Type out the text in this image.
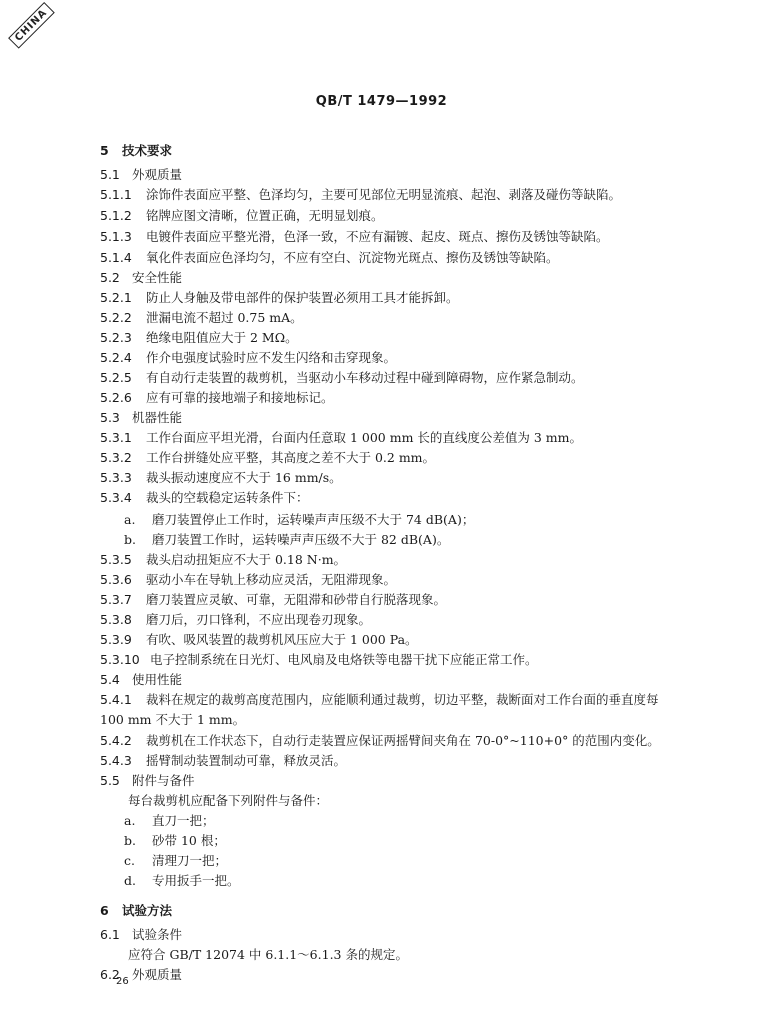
CHINA
QB/T 1479—1992
5 技术要求
5.1 外观质量
5.1.1 涂饰件表面应平整、色泽均匀，主要可见部位无明显流痕、起泡、剥落及碰伤等缺陷。
5.1.2 铭牌应图文清晰，位置正确，无明显划痕。
5.1.3 电镀件表面应平整光滑，色泽一致，不应有漏镀、起皮、斑点、擦伤及锈蚀等缺陷。
5.1.4 氧化件表面应色泽均匀，不应有空白、沉淀物光斑点、擦伤及锈蚀等缺陷。
5.2 安全性能
5.2.1 防止人身触及带电部件的保护装置必须用工具才能拆卸。
5.2.2 泄漏电流不超过 0.75 mA。
5.2.3 绝缘电阻值应大于 2 MΩ。
5.2.4 作介电强度试验时应不发生闪络和击穿现象。
5.2.5 有自动行走装置的裁剪机，当驱动小车移动过程中碰到障碍物，应作紧急制动。
5.2.6 应有可靠的接地端子和接地标记。
5.3 机器性能
5.3.1 工作台面应平坦光滑，台面内任意取 1 000 mm 长的直线度公差值为 3 mm。
5.3.2 工作台拼缝处应平整，其高度之差不大于 0.2 mm。
5.3.3 裁头振动速度应不大于 16 mm/s。
5.3.4 裁头的空载稳定运转条件下：
a. 磨刀装置停止工作时，运转噪声声压级不大于 74 dB(A)；
b. 磨刀装置工作时，运转噪声声压级不大于 82 dB(A)。
5.3.5 裁头启动扭矩应不大于 0.18 N·m。
5.3.6 驱动小车在导轨上移动应灵活，无阻滞现象。
5.3.7 磨刀装置应灵敏、可靠，无阻滞和砂带自行脱落现象。
5.3.8 磨刀后，刃口锋利，不应出现卷刃现象。
5.3.9 有吹、吸风装置的裁剪机风压应大于 1 000 Pa。
5.3.10 电子控制系统在日光灯、电风扇及电烙铁等电器干扰下应能正常工作。
5.4 使用性能
5.4.1 裁料在规定的裁剪高度范围内，应能顺利通过裁剪，切边平整，裁断面对工作台面的垂直度每
100 mm 不大于 1 mm。
5.4.2 裁剪机在工作状态下，自动行走装置应保证两摇臂间夹角在 70-0°~110+0° 的范围内变化。
5.4.3 摇臂制动装置制动可靠，释放灵活。
5.5 附件与备件
每台裁剪机应配备下列附件与备件：
a. 直刀一把；
b. 砂带 10 根；
c. 清理刀一把；
d. 专用扳手一把。
6 试验方法
6.1 试验条件
应符合 GB/T 12074 中 6.1.1～6.1.3 条的规定。
6.2 外观质量
26
